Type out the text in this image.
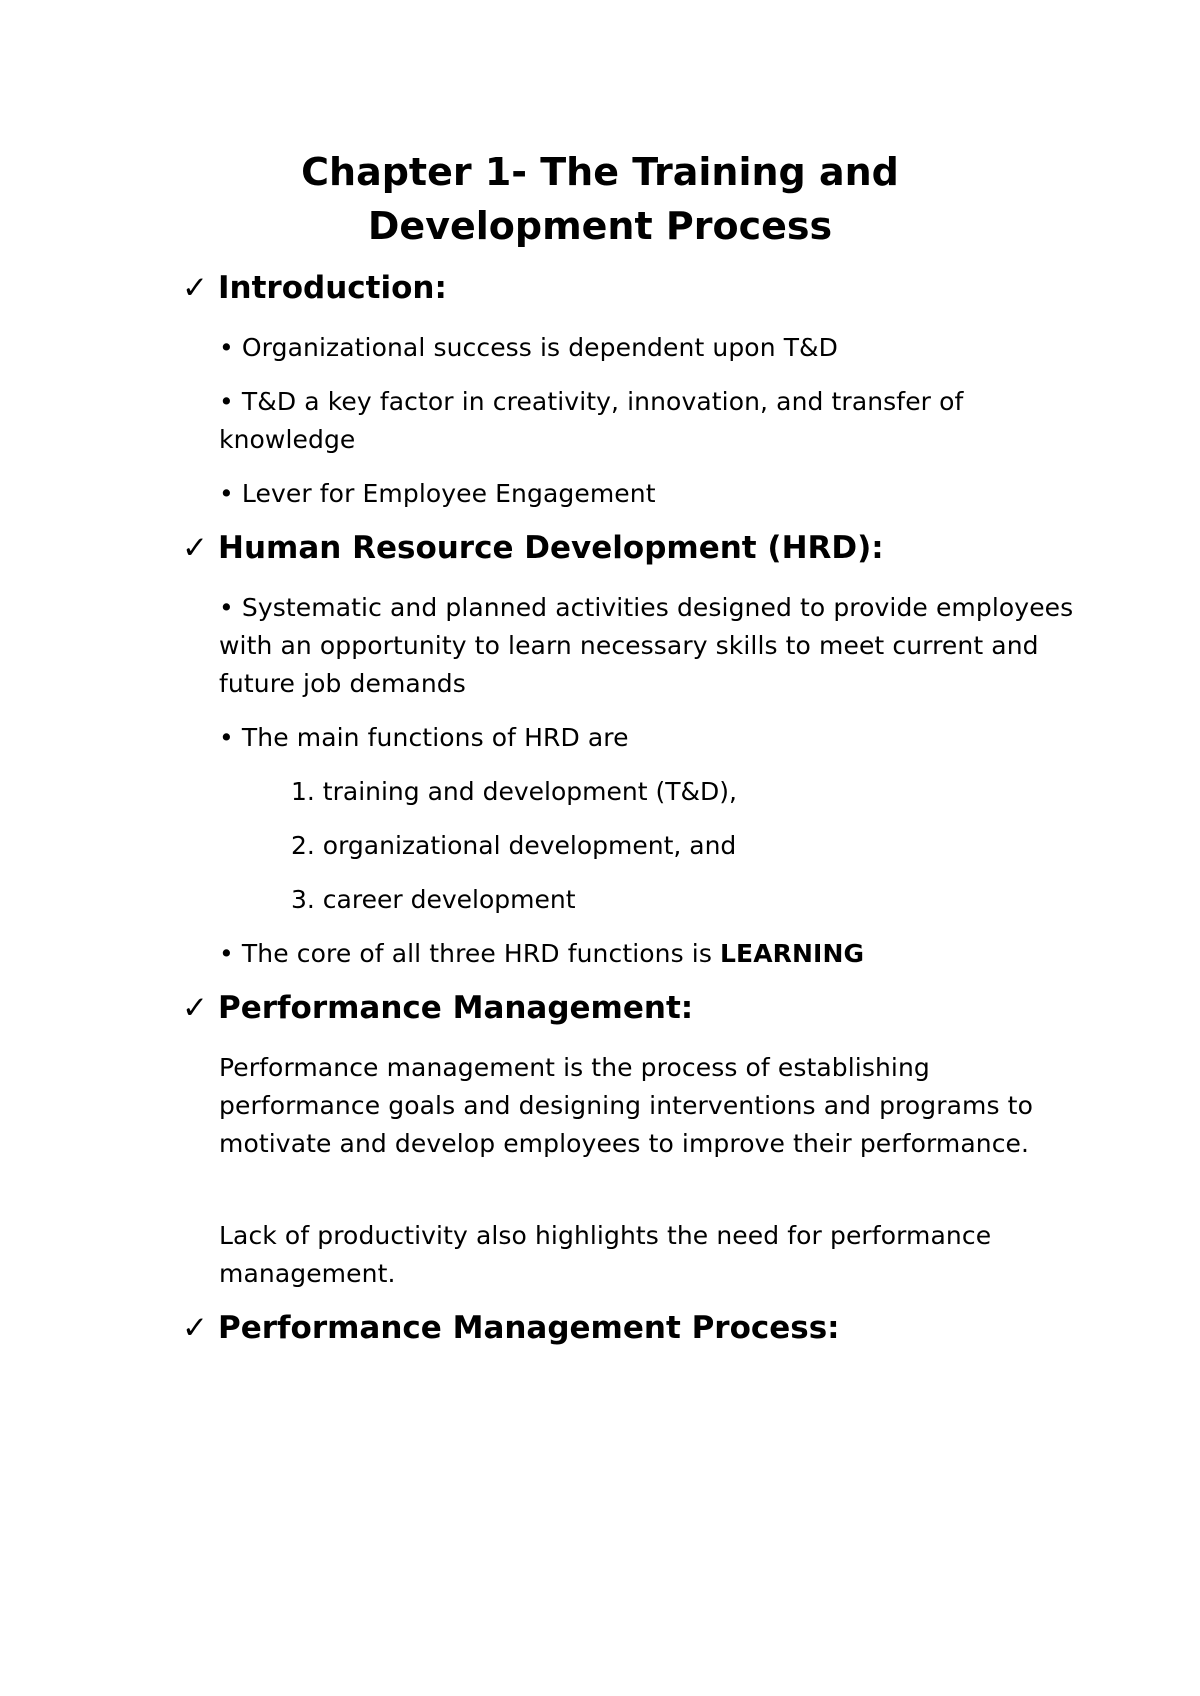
Chapter 1- The Training and
Development Process
✓ Introduction:
• Organizational success is dependent upon T&D
• T&D a key factor in creativity, innovation, and transfer of knowledge
• Lever for Employee Engagement
✓ Human Resource Development (HRD):
• Systematic and planned activities designed to provide employees with an opportunity to learn necessary skills to meet current and future job demands
• The main functions of HRD are
1. training and development (T&D),
2. organizational development, and
3. career development
• The core of all three HRD functions is LEARNING
✓ Performance Management:
Performance management is the process of establishing performance goals and designing interventions and programs to motivate and develop employees to improve their performance.
Lack of productivity also highlights the need for performance management.
✓ Performance Management Process:
